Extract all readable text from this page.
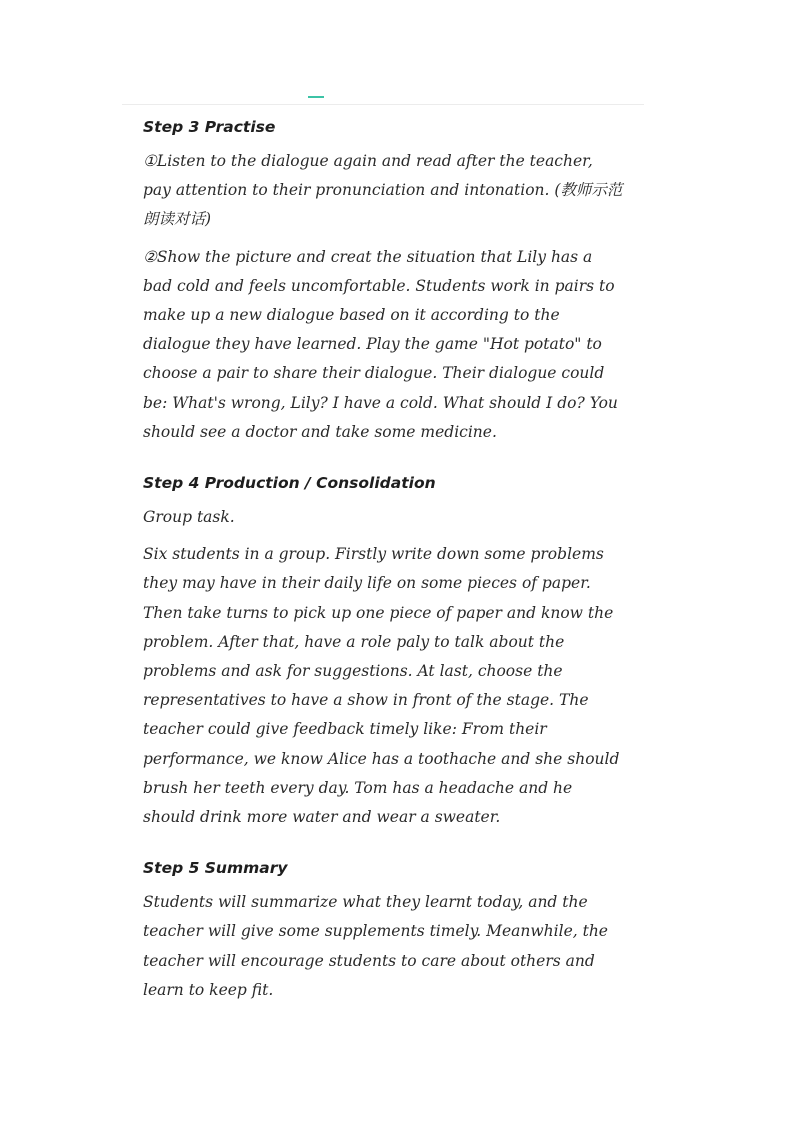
Step 3 Practise

①Listen to the dialogue again and read after the teacher, pay attention to their pronunciation and intonation. (教师示范朗读对话)

②Show the picture and creat the situation that Lily has a bad cold and feels uncomfortable. Students work in pairs to make up a new dialogue based on it according to the dialogue they have learned. Play the game "Hot potato" to choose a pair to share their dialogue. Their dialogue could be: What's wrong, Lily? I have a cold. What should I do? You should see a doctor and take some medicine.

Step 4 Production / Consolidation

Group task.

Six students in a group. Firstly write down some problems they may have in their daily life on some pieces of paper. Then take turns to pick up one piece of paper and know the problem. After that, have a role paly to talk about the problems and ask for suggestions. At last, choose the representatives to have a show in front of the stage. The teacher could give feedback timely like: From their performance, we know Alice has a toothache and she should brush her teeth every day. Tom has a headache and he should drink more water and wear a sweater.

Step 5 Summary

Students will summarize what they learnt today, and the teacher will give some supplements timely. Meanwhile, the teacher will encourage students to care about others and learn to keep fit.
